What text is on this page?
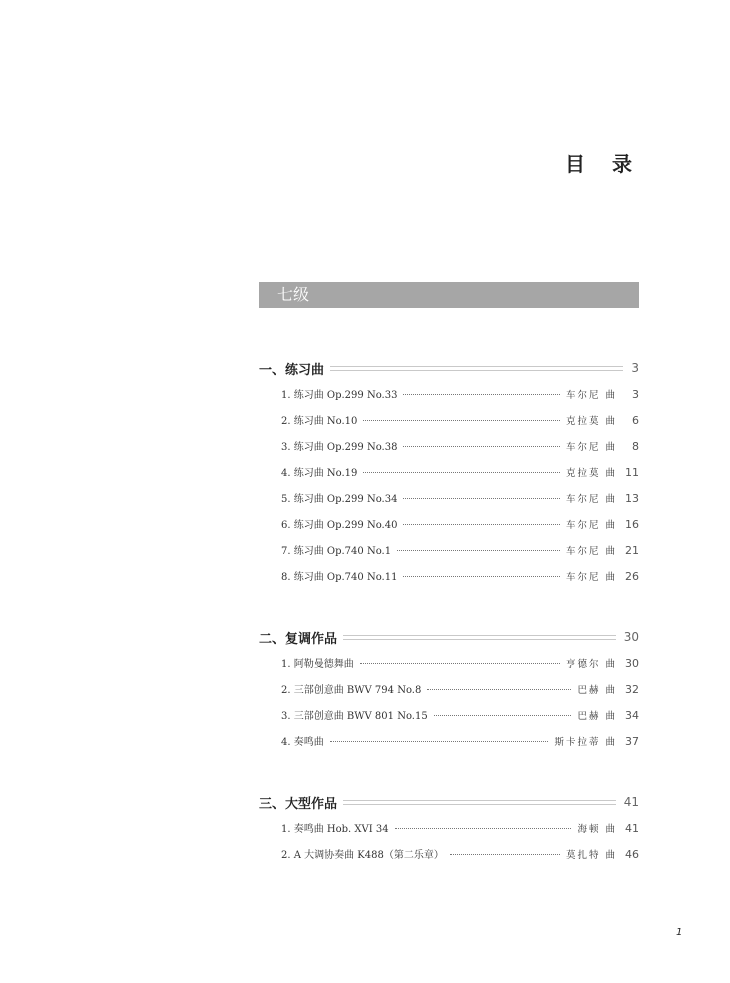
目 录
七级
一、练习曲	3
1. 练习曲 Op.299 No.33	车尔尼 曲	3
2. 练习曲 No.10	克拉莫 曲	6
3. 练习曲 Op.299 No.38	车尔尼 曲	8
4. 练习曲 No.19	克拉莫 曲 11
5. 练习曲 Op.299 No.34	车尔尼 曲 13
6. 练习曲 Op.299 No.40	车尔尼 曲 16
7. 练习曲 Op.740 No.1	车尔尼 曲 21
8. 练习曲 Op.740 No.11	车尔尼 曲 26
二、复调作品	30
1. 阿勒曼德舞曲	亨德尔 曲 30
2. 三部创意曲 BWV 794 No.8	巴赫 曲 32
3. 三部创意曲 BWV 801 No.15	巴赫 曲 34
4. 奏鸣曲	斯卡拉蒂 曲 37
三、大型作品	41
1. 奏鸣曲 Hob. XVI 34	海顿 曲 41
2. A 大调协奏曲 K488（第二乐章）	莫扎特 曲 46
1
